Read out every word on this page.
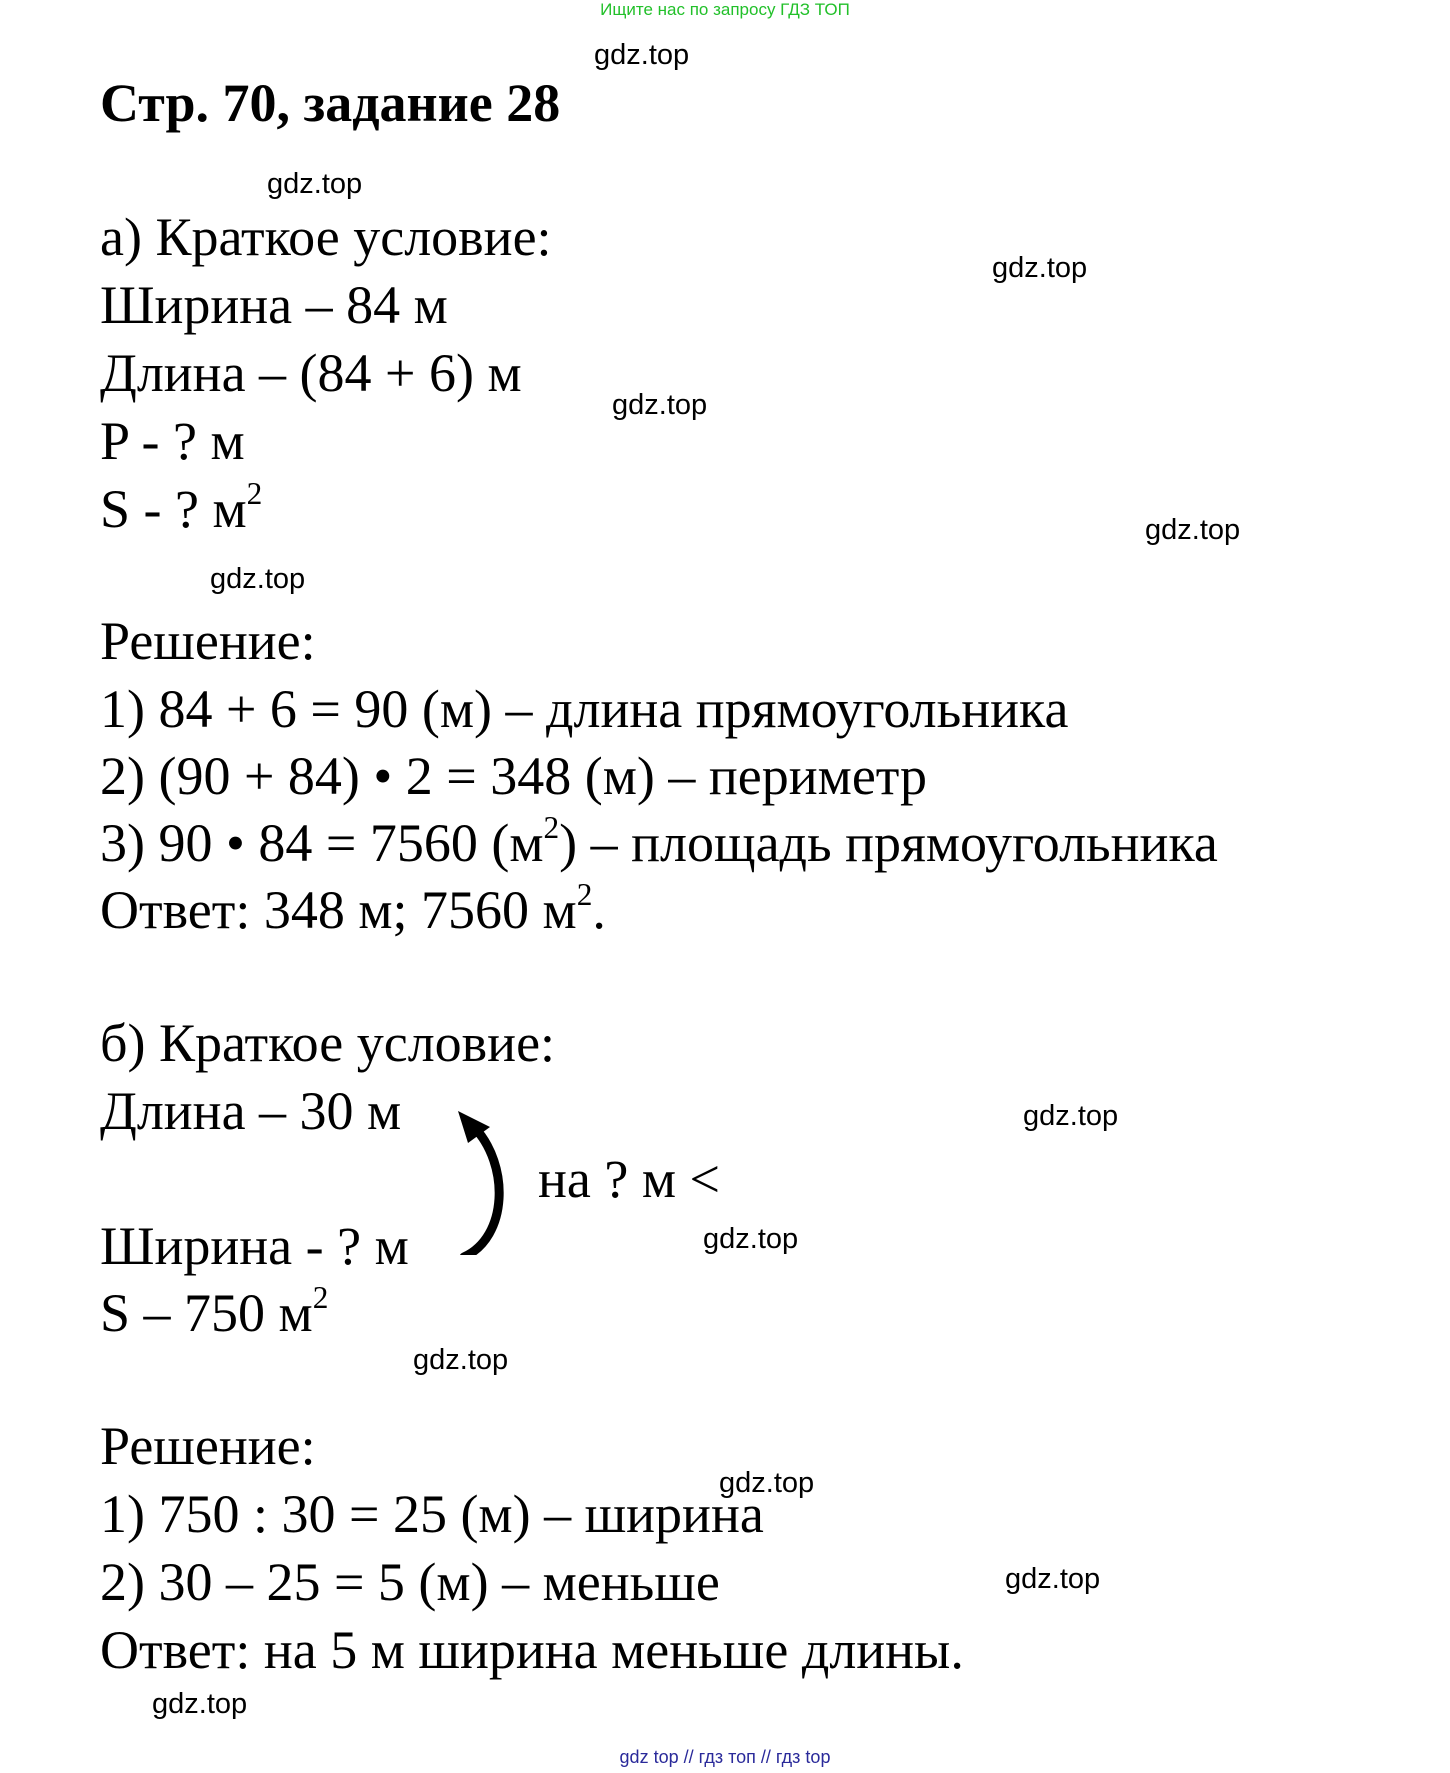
Ищите нас по запросу ГДЗ ТОП
Стр. 70, задание 28
а) Краткое условие:
Ширина – 84 м
Длина – (84 + 6) м
P - ? м
S - ? $м^2$
Решение:
1) 84 + 6 = 90 (м) – длина прямоугольника
2) (90 + 84) • 2 = 348 (м) – периметр
3) 90 • 84 = 7560 $(м^2)$ – площадь прямоугольника
Ответ: 348 м; 7560 $м^2$.
б) Краткое условие:
Длина – 30 м
на ? м <
Ширина - ? м
S – 750 $м^2$
Решение:
1) 750 : 30 = 25 (м) – ширина
2) 30 – 25 = 5 (м) – меньше
Ответ: на 5 м ширина меньше длины.
gdz.top
gdz.top
gdz.top
gdz.top
gdz.top
gdz.top
gdz.top
gdz.top
gdz.top
gdz.top
gdz.top
gdz.top
gdz top // гдз топ // гдз top
